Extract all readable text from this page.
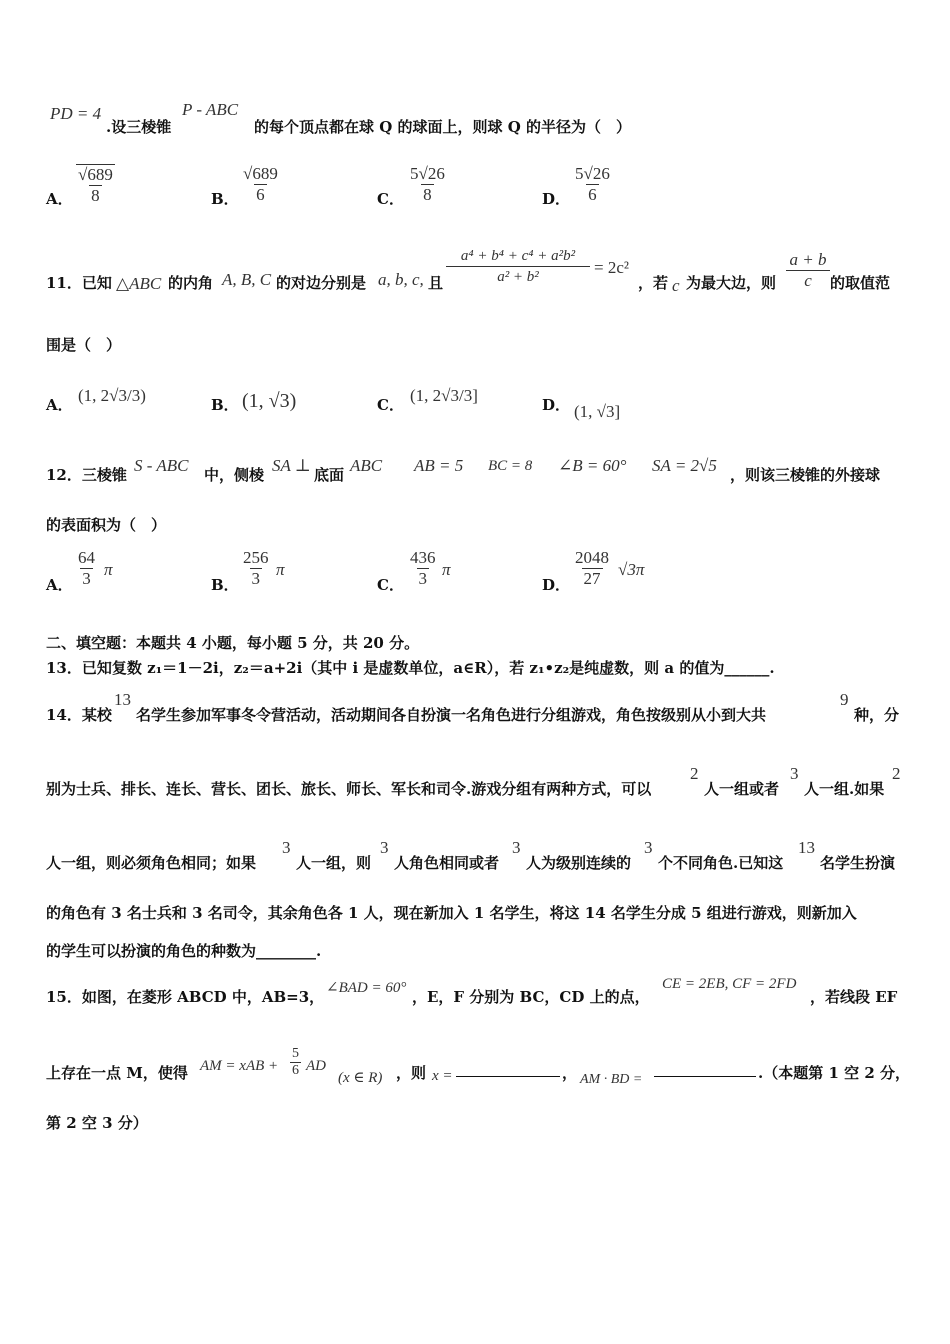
PD = 4
.设三棱锥
P - ABC
的每个顶点都在球 Q 的球面上，则球 Q 的半径为（　）
A． $\frac{√689}{8}$	B． $\frac{√689}{6}$	C． $\frac{5√26}{8}$	D． $\frac{5√26}{6}$
11．已知 △ABC 的内角 A, B, C 的对边分别是 a, b, c, 且 $\frac{\text{a⁴ + b⁴ + c⁴ + a²b²}}{\text{a² + b²}} = 2c^2$
，若 c 为最大边，则 $\frac{a + b}{c}$ 的取值范
围是（　）
A． (1, 2√3/3)	B． (1, √3)	C． (1, 2√3/3]	D． (1, √3]
12．三棱锥 S - ABC 中，侧棱 SA ⊥ 底面 ABC AB = 5 BC = 8 ∠B = 60° SA = 2√5 ，则该三棱锥的外接球
的表面积为（　）
A． $\frac{64}{3}$ π
B． $\frac{256}{3}$ π
C． $\frac{436}{3}$ π
D． $\frac{2048}{27} √3\pi$
二、填空题：本题共 4 小题，每小题 5 分，共 20 分。
13．已知复数 z₁＝1－2i，z₂＝a+2i（其中 i 是虚数单位，a∈R），若 z₁•z₂是纯虚数，则 a 的值为______.
14．某校
13
名学生参加军事冬令营活动，活动期间各自扮演一名角色进行分组游戏，角色按级别从小到大共
9
种，分
别为士兵、排长、连长、营长、团长、旅长、师长、军长和司令.游戏分组有两种方式，可以
2
人一组或者
3
人一组.如果
2
人一组，则必须角色相同；如果
3
人一组，则
3
人角色相同或者
3
人为级别连续的
3
个不同角色.已知这
13
名学生扮演
的角色有 3 名士兵和 3 名司令，其余角色各 1 人，现在新加入 1 名学生，将这 14 名学生分成 5 组进行游戏，则新加入
的学生可以扮演的角色的种数为________.
15．如图，在菱形 ABCD 中，AB=3， ∠BAD = 60° ，E，F 分别为 BC，CD 上的点，
CE = 2EB, CF = 2FD
，若线段 EF
上存在一点 M，使得 AM = xAB + $\frac{5}{6}$ AD
(x ∈ R) ，则 x =	， AM · BD =	.（本题第 1 空 2 分，
第 2 空 3 分）
